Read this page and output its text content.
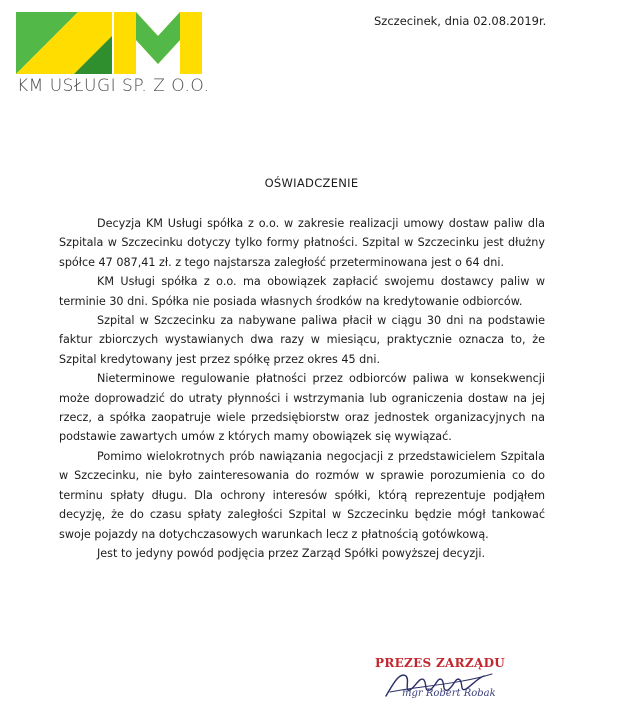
KM USŁUGI SP. Z O.O.
Szczecinek, dnia 02.08.2019r.
OŚWIADCZENIE

Decyzja KM Usługi spółka z o.o. w zakresie realizacji umowy dostaw paliw dla Szpitala w Szczecinku dotyczy tylko formy płatności. Szpital w Szczecinku jest dłużny spółce 47 087,41 zł. z tego najstarsza zaległość przeterminowana jest o 64 dni.

KM Usługi spółka z o.o. ma obowiązek zapłacić swojemu dostawcy paliw w terminie 30 dni. Spółka nie posiada własnych środków na kredytowanie odbiorców.

Szpital w Szczecinku za nabywane paliwa płacił w ciągu 30 dni na podstawie faktur zbiorczych wystawianych dwa razy w miesiącu, praktycznie oznacza to, że Szpital kredytowany jest przez spółkę przez okres 45 dni.

Nieterminowe regulowanie płatności przez odbiorców paliwa w konsekwencji może doprowadzić do utraty płynności i wstrzymania lub ograniczenia dostaw na jej rzecz, a spółka zaopatruje wiele przedsiębiorstw oraz jednostek organizacyjnych na podstawie zawartych umów z których mamy obowiązek się wywiązać.

Pomimo wielokrotnych prób nawiązania negocjacji z przedstawicielem Szpitala w Szczecinku, nie było zainteresowania do rozmów w sprawie porozumienia co do terminu spłaty długu. Dla ochrony interesów spółki, którą reprezentuje podjąłem decyzję, że do czasu spłaty zaległości Szpital w Szczecinku będzie mógł tankować swoje pojazdy na dotychczasowych warunkach lecz z płatnością gotówkową.

Jest to jedyny powód podjęcia przez Zarząd Spółki powyższej decyzji.

PREZES ZARZĄDU
mgr Robert Robak
